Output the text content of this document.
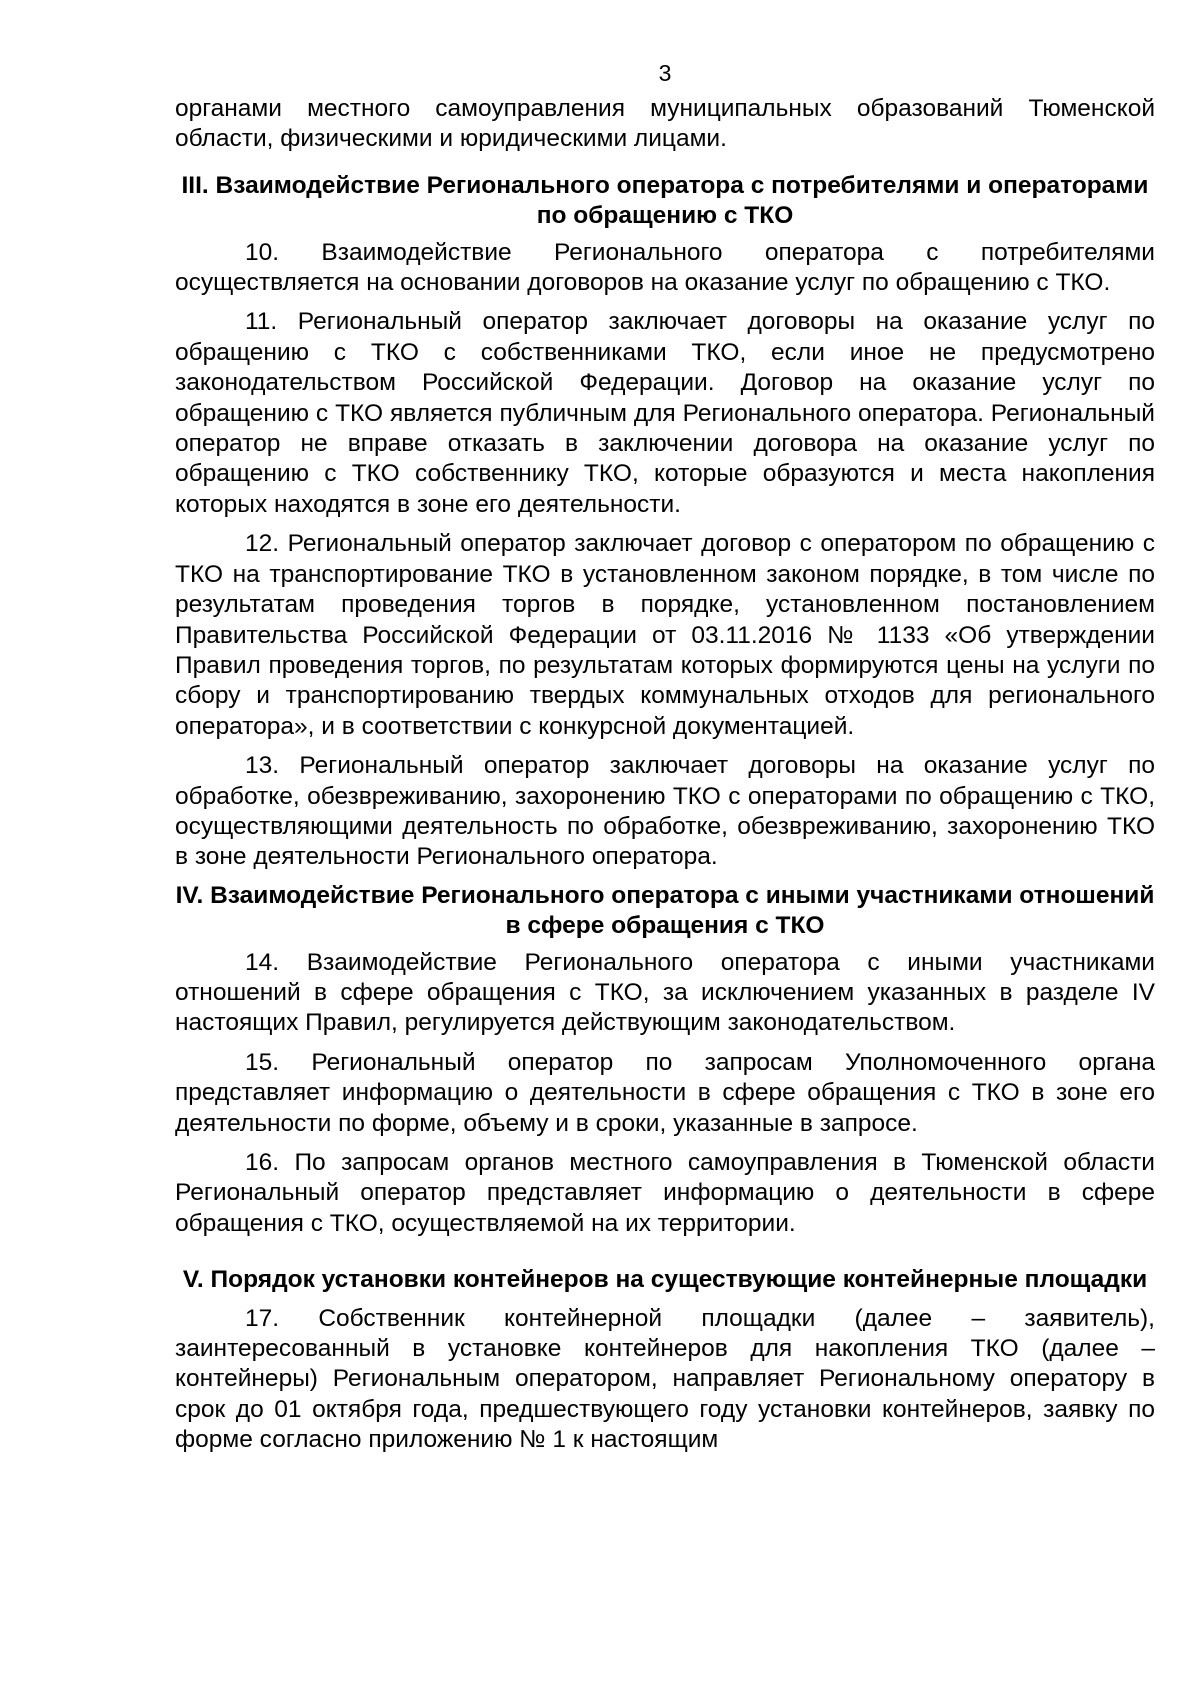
3

органами местного самоуправления муниципальных образований Тюменской области, физическими и юридическими лицами.

III. Взаимодействие Регионального оператора с потребителями и операторами по обращению с ТКО

10. Взаимодействие Регионального оператора с потребителями осуществляется на основании договоров на оказание услуг по обращению с ТКО.

11. Региональный оператор заключает договоры на оказание услуг по обращению с ТКО с собственниками ТКО, если иное не предусмотрено законодательством Российской Федерации. Договор на оказание услуг по обращению с ТКО является публичным для Регионального оператора. Региональный оператор не вправе отказать в заключении договора на оказание услуг по обращению с ТКО собственнику ТКО, которые образуются и места накопления которых находятся в зоне его деятельности.

12. Региональный оператор заключает договор с оператором по обращению с ТКО на транспортирование ТКО в установленном законом порядке, в том числе по результатам проведения торгов в порядке, установленном постановлением Правительства Российской Федерации от 03.11.2016 № 1133 «Об утверждении Правил проведения торгов, по результатам которых формируются цены на услуги по сбору и транспортированию твердых коммунальных отходов для регионального оператора», и в соответствии с конкурсной документацией.

13. Региональный оператор заключает договоры на оказание услуг по обработке, обезвреживанию, захоронению ТКО с операторами по обращению с ТКО, осуществляющими деятельность по обработке, обезвреживанию, захоронению ТКО в зоне деятельности Регионального оператора.

IV. Взаимодействие Регионального оператора с иными участниками отношений в сфере обращения с ТКО

14. Взаимодействие Регионального оператора с иными участниками отношений в сфере обращения с ТКО, за исключением указанных в разделе IV настоящих Правил, регулируется действующим законодательством.

15. Региональный оператор по запросам Уполномоченного органа представляет информацию о деятельности в сфере обращения с ТКО в зоне его деятельности по форме, объему и в сроки, указанные в запросе.

16. По запросам органов местного самоуправления в Тюменской области Региональный оператор представляет информацию о деятельности в сфере обращения с ТКО, осуществляемой на их территории.

V. Порядок установки контейнеров на существующие контейнерные площадки

17. Собственник контейнерной площадки (далее – заявитель), заинтересованный в установке контейнеров для накопления ТКО (далее – контейнеры) Региональным оператором, направляет Региональному оператору в срок до 01 октября года, предшествующего году установки контейнеров, заявку по форме согласно приложению № 1 к настоящим
